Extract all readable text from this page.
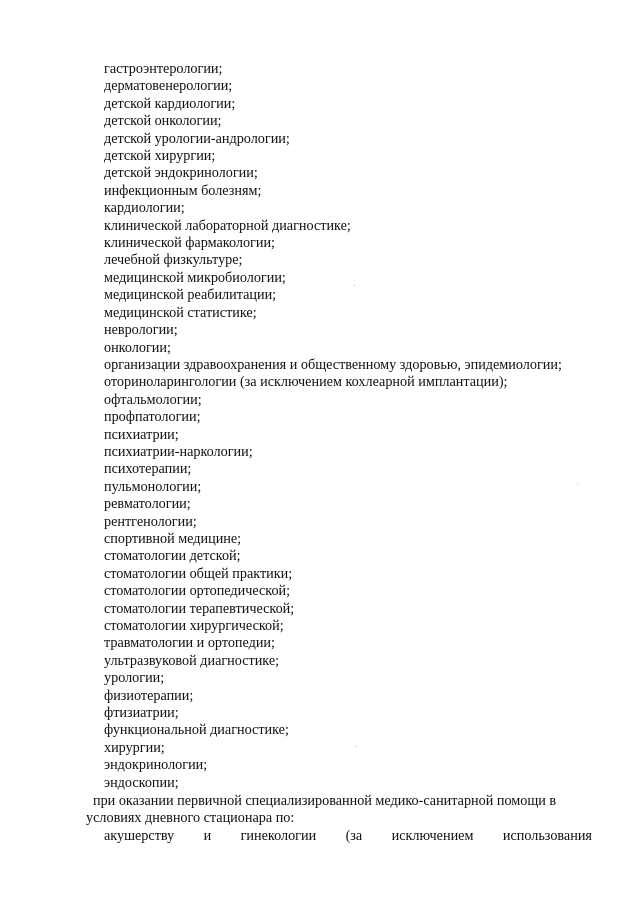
гастроэнтерологии;
дерматовенерологии;
детской кардиологии;
детской онкологии;
детской урологии-андрологии;
детской хирургии;
детской эндокринологии;
инфекционным болезням;
кардиологии;
клинической лабораторной диагностике;
клинической фармакологии;
лечебной физкультуре;
медицинской микробиологии;
медицинской реабилитации;
медицинской статистике;
неврологии;
онкологии;
организации здравоохранения и общественному здоровью, эпидемиологии;
оториноларингологии (за исключением кохлеарной имплантации);
офтальмологии;
профпатологии;
психиатрии;
психиатрии-наркологии;
психотерапии;
пульмонологии;
ревматологии;
рентгенологии;
спортивной медицине;
стоматологии детской;
стоматологии общей практики;
стоматологии ортопедической;
стоматологии терапевтической;
стоматологии хирургической;
травматологии и ортопедии;
ультразвуковой диагностике;
урологии;
физиотерапии;
фтизиатрии;
функциональной диагностике;
хирургии;
эндокринологии;
эндоскопии;
при оказании первичной специализированной медико-санитарной помощи в
условиях дневного стационара по:
акушерству и гинекологии (за исключением использования
